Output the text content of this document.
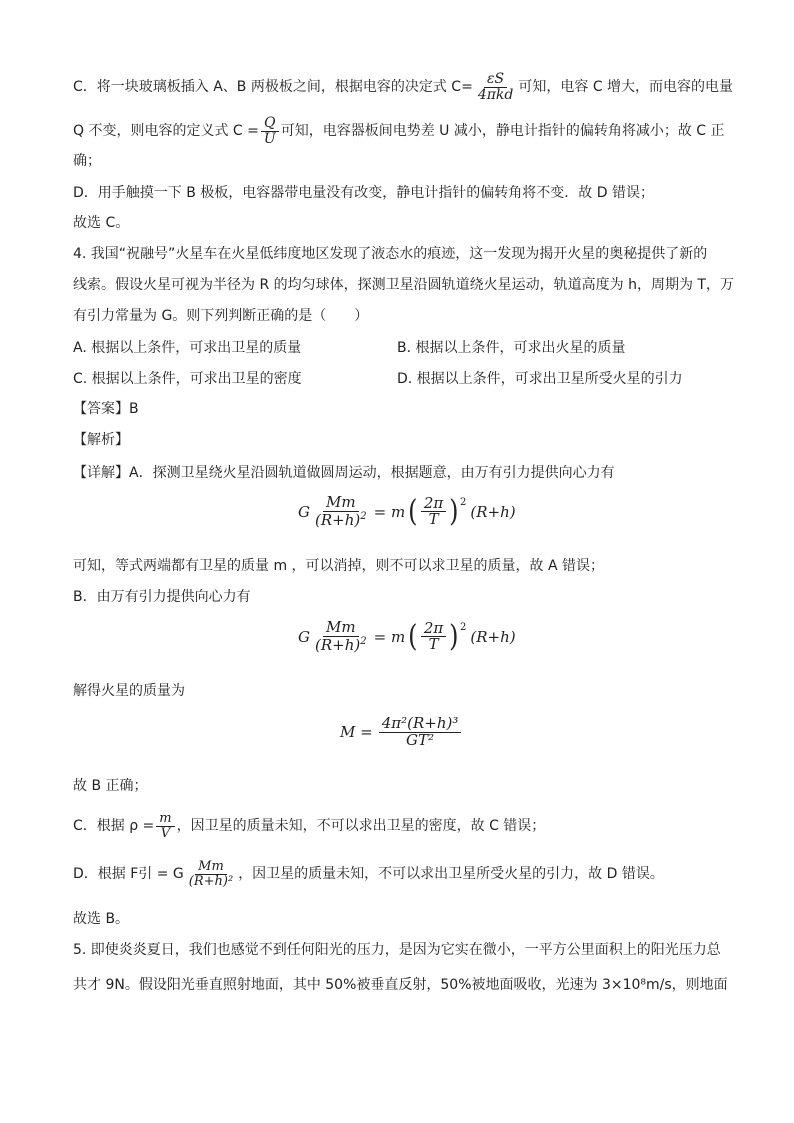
C．将一块玻璃板插入 A、B 两极板之间，根据电容的决定式 $C= \frac{\varepsilon S}{\text{4πkd}}$ 可知，电容 C 增大，而电容的电量
Q 不变，则电容的定义式 $C = \frac{Q}{U}$ 可知，电容器板间电势差 U 减小，静电计指针的偏转角将减小；故 C 正
确；
D．用手触摸一下 B 极板，电容器带电量没有改变，静电计指针的偏转角将不变．故 D 错误；
故选 C。
4. 我国“祝融号”火星车在火星低纬度地区发现了液态水的痕迹，这一发现为揭开火星的奥秘提供了新的
线索。假设火星可视为半径为 R 的均匀球体，探测卫星沿圆轨道绕火星运动，轨道高度为 h，周期为 T，万
有引力常量为 G。则下列判断正确的是（　　）
A. 根据以上条件，可求出卫星的质量	B. 根据以上条件，可求出火星的质量
C. 根据以上条件，可求出卫星的密度	D. 根据以上条件，可求出卫星所受火星的引力
【答案】B
【解析】
【详解】A．探测卫星绕火星沿圆轨道做圆周运动，根据题意，由万有引力提供向心力有
G $\frac{Mm}{(R+h)^2} = m$ ( $\frac{2\pi}{T} )^2$
(R+h)
可知，等式两端都有卫星的质量 m ，可以消掉，则不可以求卫星的质量，故 A 错误；
B．由万有引力提供向心力有
G $\frac{Mm}{(R+h)^2} = m$ ( $\frac{2\pi}{T} )^2$
(R+h)
解得火星的质量为
$M = \frac{\text{4π²(R+h)³}}{\text{GT²}}$
故 B 正确；
C．根据 $\rho = \frac{m}{V}$ ，因卫星的质量未知，不可以求出卫星的密度，故 C 错误；
D．根据 F引 = G $\frac{Mm}{\text{(R+h)²}}$ ，因卫星的质量未知，不可以求出卫星所受火星的引力，故 D 错误。
故选 B。
5. 即使炎炎夏日，我们也感觉不到任何阳光的压力，是因为它实在微小，一平方公里面积上的阳光压力总
共才 9N。假设阳光垂直照射地面，其中 50%被垂直反射，50%被地面吸收，光速为 3×10⁸m/s，则地面
